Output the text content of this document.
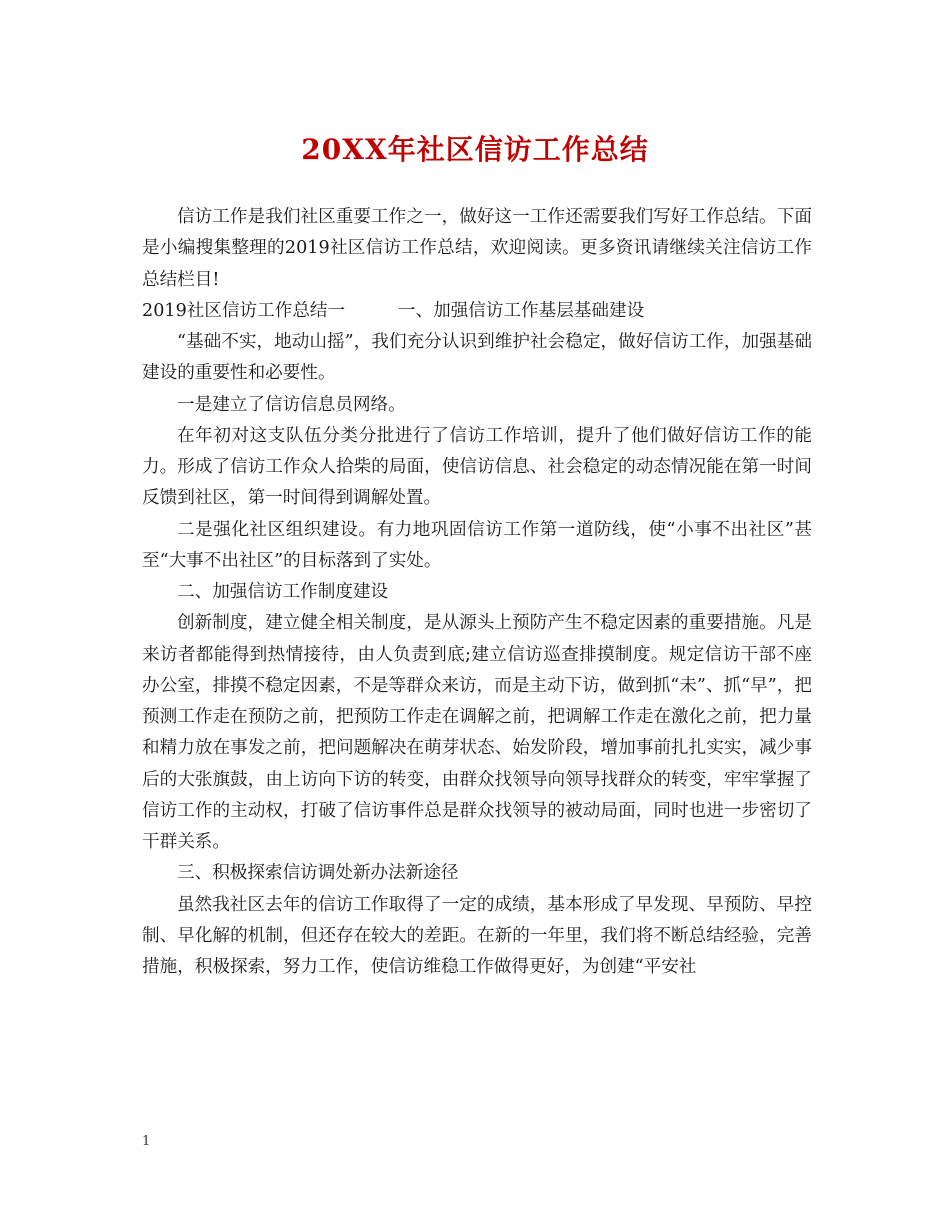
20XX年社区信访工作总结

信访工作是我们社区重要工作之一，做好这一工作还需要我们写好工作总结。下面是小编搜集整理的2019社区信访工作总结，欢迎阅读。更多资讯请继续关注信访工作总结栏目!

2019社区信访工作总结一　　　一、加强信访工作基层基础建设

“基础不实，地动山摇”，我们充分认识到维护社会稳定，做好信访工作，加强基础建设的重要性和必要性。

一是建立了信访信息员网络。

在年初对这支队伍分类分批进行了信访工作培训，提升了他们做好信访工作的能力。形成了信访工作众人拾柴的局面，使信访信息、社会稳定的动态情况能在第一时间反馈到社区，第一时间得到调解处置。

二是强化社区组织建设。有力地巩固信访工作第一道防线，使“小事不出社区”甚至“大事不出社区”的目标落到了实处。

二、加强信访工作制度建设

创新制度，建立健全相关制度，是从源头上预防产生不稳定因素的重要措施。凡是来访者都能得到热情接待，由人负责到底;建立信访巡查排摸制度。规定信访干部不座办公室，排摸不稳定因素，不是等群众来访，而是主动下访，做到抓“未”、抓“早”，把预测工作走在预防之前，把预防工作走在调解之前，把调解工作走在激化之前，把力量和精力放在事发之前，把问题解决在萌芽状态、始发阶段，增加事前扎扎实实，减少事后的大张旗鼓，由上访向下访的转变，由群众找领导向领导找群众的转变，牢牢掌握了信访工作的主动权，打破了信访事件总是群众找领导的被动局面，同时也进一步密切了干群关系。

三、积极探索信访调处新办法新途径

虽然我社区去年的信访工作取得了一定的成绩，基本形成了早发现、早预防、早控制、早化解的机制，但还存在较大的差距。在新的一年里，我们将不断总结经验，完善措施，积极探索，努力工作，使信访维稳工作做得更好，为创建“平安社

1
